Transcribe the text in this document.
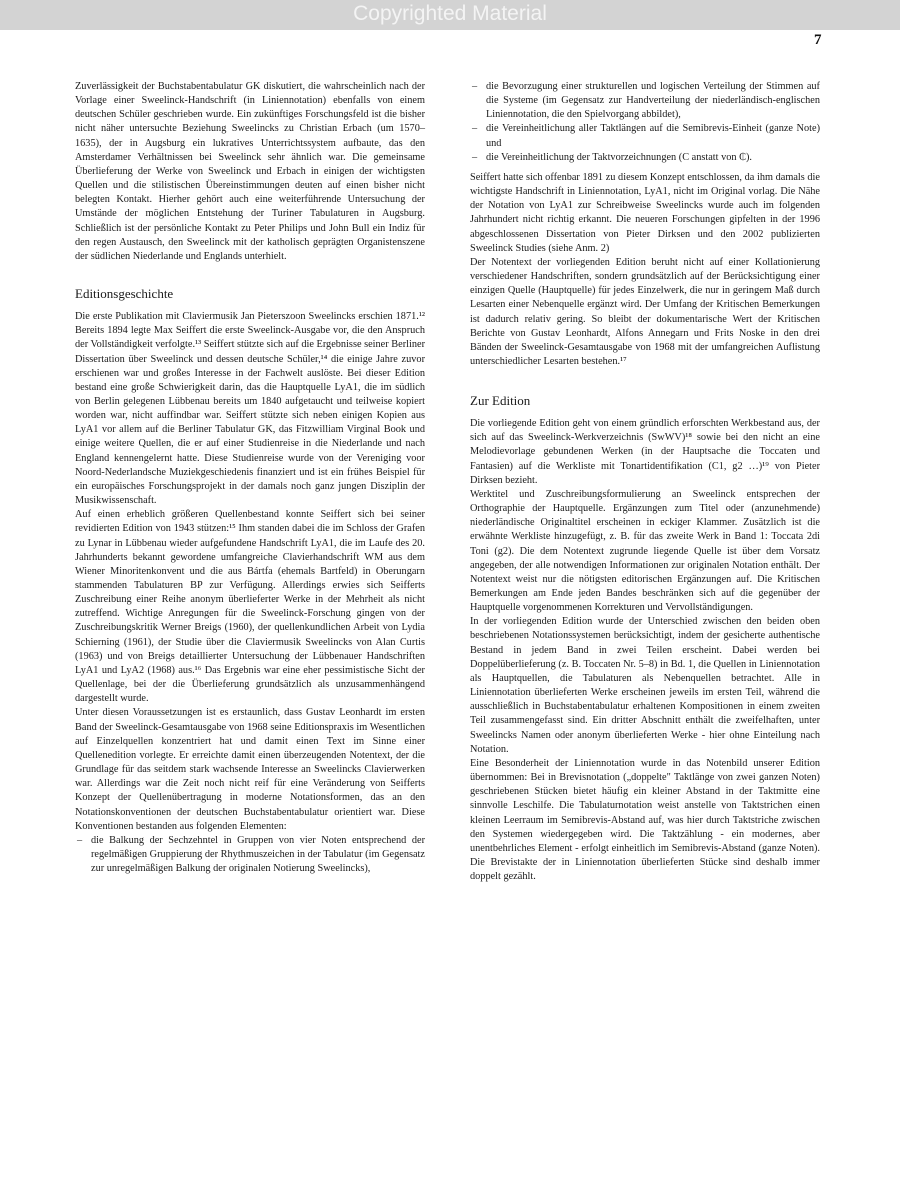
Copyrighted Material
7

Zuverlässigkeit der Buchstabentabulatur GK diskutiert, die wahrscheinlich nach der Vorlage einer Sweelinck-Handschrift (in Liniennotation) ebenfalls von einem deutschen Schüler geschrieben wurde. Ein zukünftiges Forschungsfeld ist die bisher nicht näher untersuchte Beziehung Sweelincks zu Christian Erbach (um 1570–1635), der in Augsburg ein lukratives Unterrichtssystem aufbaute, das den Amsterdamer Verhältnissen bei Sweelinck sehr ähnlich war. Die gemeinsame Überlieferung der Werke von Sweelinck und Erbach in einigen der wichtigsten Quellen und die stilistischen Übereinstimmungen deuten auf einen bisher nicht belegten Kontakt. Hierher gehört auch eine weiterführende Untersuchung der Umstände der möglichen Entstehung der Turiner Tabulaturen in Augsburg. Schließlich ist der persönliche Kontakt zu Peter Philips und John Bull ein Indiz für den regen Austausch, den Sweelinck mit der katholisch geprägten Organistenszene der südlichen Niederlande und Englands unterhielt.

Editionsgeschichte

Die erste Publikation mit Claviermusik Jan Pieterszoon Sweelincks erschien 1871.¹² Bereits 1894 legte Max Seiffert die erste Sweelinck-Ausgabe vor, die den Anspruch der Vollständigkeit verfolgte.¹³ Seiffert stützte sich auf die Ergebnisse seiner Berliner Dissertation über Sweelinck und dessen deutsche Schüler,¹⁴ die einige Jahre zuvor erschienen war und großes Interesse in der Fachwelt auslöste. Bei dieser Edition bestand eine große Schwierigkeit darin, das die Hauptquelle LyA1, die im südlich von Berlin gelegenen Lübbenau bereits um 1840 aufgetaucht und teilweise kopiert worden war, nicht auffindbar war. Seiffert stützte sich neben einigen Kopien aus LyA1 vor allem auf die Berliner Tabulatur GK, das Fitzwilliam Virginal Book und einige weitere Quellen, die er auf einer Studienreise in die Niederlande und nach England kennengelernt hatte. Diese Studienreise wurde von der Vereniging voor Noord-Nederlandsche Muziekgeschiedenis finanziert und ist ein frühes Beispiel für ein europäisches Forschungsprojekt in der damals noch ganz jungen Disziplin der Musikwissenschaft.

Auf einen erheblich größeren Quellenbestand konnte Seiffert sich bei seiner revidierten Edition von 1943 stützen:¹⁵ Ihm standen dabei die im Schloss der Grafen zu Lynar in Lübbenau wieder aufgefundene Handschrift LyA1, die im Laufe des 20. Jahrhunderts bekannt gewordene umfangreiche Clavierhandschrift WM aus dem Wiener Minoritenkonvent und die aus Bártfa (ehemals Bartfeld) in Oberungarn stammenden Tabulaturen BP zur Verfügung. Allerdings erwies sich Seifferts Zuschreibung einer Reihe anonym überlieferter Werke in der Mehrheit als nicht zutreffend. Wichtige Anregungen für die Sweelinck-Forschung gingen von der Zuschreibungskritik Werner Breigs (1960), der quellenkundlichen Arbeit von Lydia Schierning (1961), der Studie über die Claviermusik Sweelincks von Alan Curtis (1963) und von Breigs detaillierter Untersuchung der Lübbenauer Handschriften LyA1 und LyA2 (1968) aus.¹⁶ Das Ergebnis war eine eher pessimistische Sicht der Quellenlage, bei der die Überlieferung grundsätzlich als unzusammenhängend dargestellt wurde.

Unter diesen Voraussetzungen ist es erstaunlich, dass Gustav Leonhardt im ersten Band der Sweelinck-Gesamtausgabe von 1968 seine Editionspraxis im Wesentlichen auf Einzelquellen konzentriert hat und damit einen Text im Sinne einer Quellenedition vorlegte. Er erreichte damit einen überzeugenden Notentext, der die Grundlage für das seitdem stark wachsende Interesse an Sweelincks Clavierwerken war. Allerdings war die Zeit noch nicht reif für eine Veränderung von Seifferts Konzept der Quellenübertragung in moderne Notationsformen, das an den Notationskonventionen der deutschen Buchstabentabulatur orientiert war. Diese Konventionen bestanden aus folgenden Elementen:

– die Balkung der Sechzehntel in Gruppen von vier Noten entsprechend der regelmäßigen Gruppierung der Rhythmuszeichen in der Tabulatur (im Gegensatz zur unregelmäßigen Balkung der originalen Notierung Sweelincks),
– die Bevorzugung einer strukturellen und logischen Verteilung der Stimmen auf die Systeme (im Gegensatz zur Handverteilung der niederländisch-englischen Liniennotation, die den Spielvorgang abbildet),
– die Vereinheitlichung aller Taktlängen auf die Semibrevis-Einheit (ganze Note) und
– die Vereinheitlichung der Taktvorzeichnungen (C anstatt von ₵).

Seiffert hatte sich offenbar 1891 zu diesem Konzept entschlossen, da ihm damals die wichtigste Handschrift in Liniennotation, LyA1, nicht im Original vorlag. Die Nähe der Notation von LyA1 zur Schreibweise Sweelincks wurde auch im folgenden Jahrhundert nicht richtig erkannt. Die neueren Forschungen gipfelten in der 1996 abgeschlossenen Dissertation von Pieter Dirksen und den 2002 publizierten Sweelinck Studies (siehe Anm. 2)

Der Notentext der vorliegenden Edition beruht nicht auf einer Kollationierung verschiedener Handschriften, sondern grundsätzlich auf der Berücksichtigung einer einzigen Quelle (Hauptquelle) für jedes Einzelwerk, die nur in geringem Maß durch Lesarten einer Nebenquelle ergänzt wird. Der Umfang der Kritischen Bemerkungen ist dadurch relativ gering. So bleibt der dokumentarische Wert der Kritischen Berichte von Gustav Leonhardt, Alfons Annegarn und Frits Noske in den drei Bänden der Sweelinck-Gesamtausgabe von 1968 mit der umfangreichen Auflistung unterschiedlicher Lesarten bestehen.¹⁷

Zur Edition

Die vorliegende Edition geht von einem gründlich erforschten Werkbestand aus, der sich auf das Sweelinck-Werkverzeichnis (SwWV)¹⁸ sowie bei den nicht an eine Melodievorlage gebundenen Werken (in der Hauptsache die Toccaten und Fantasien) auf die Werkliste mit Tonartidentifikation (C1, g2 …)¹⁹ von Pieter Dirksen bezieht.

Werktitel und Zuschreibungsformulierung an Sweelinck entsprechen der Orthographie der Hauptquelle. Ergänzungen zum Titel oder (anzunehmende) niederländische Originaltitel erscheinen in eckiger Klammer. Zusätzlich ist die erwähnte Werkliste hinzugefügt, z. B. für das zweite Werk in Band 1: Toccata 2di Toni (g2). Die dem Notentext zugrunde liegende Quelle ist über dem Vorsatz angegeben, der alle notwendigen Informationen zur originalen Notation enthält. Der Notentext weist nur die nötigsten editorischen Ergänzungen auf. Die Kritischen Bemerkungen am Ende jeden Bandes beschränken sich auf die gegenüber der Hauptquelle vorgenommenen Korrekturen und Vervollständigungen.

In der vorliegenden Edition wurde der Unterschied zwischen den beiden oben beschriebenen Notationssystemen berücksichtigt, indem der gesicherte authentische Bestand in jedem Band in zwei Teilen erscheint. Dabei werden bei Doppelüberlieferung (z. B. Toccaten Nr. 5–8) in Bd. 1, die Quellen in Liniennotation als Hauptquellen, die Tabulaturen als Nebenquellen betrachtet. Alle in Liniennotation überlieferten Werke erscheinen jeweils im ersten Teil, während die ausschließlich in Buchstabentabulatur erhaltenen Kompositionen in einem zweiten Teil zusammengefasst sind. Ein dritter Abschnitt enthält die zweifelhaften, unter Sweelincks Namen oder anonym überlieferten Werke - hier ohne Einteilung nach Notation.

Eine Besonderheit der Liniennotation wurde in das Notenbild unserer Edition übernommen: Bei in Brevisnotation („doppelte" Taktlänge von zwei ganzen Noten) geschriebenen Stücken bietet häufig ein kleiner Abstand in der Taktmitte eine sinnvolle Leschilfe. Die Tabulaturnotation weist anstelle von Taktstrichen einen kleinen Leerraum im Semibrevis-Abstand auf, was hier durch Taktstriche zwischen den Systemen wiedergegeben wird. Die Taktzählung - ein modernes, aber unentbehrliches Element - erfolgt einheitlich im Semibrevis-Abstand (ganze Noten). Die Brevistakte der in Liniennotation überlieferten Stücke sind deshalb immer doppelt gezählt.
